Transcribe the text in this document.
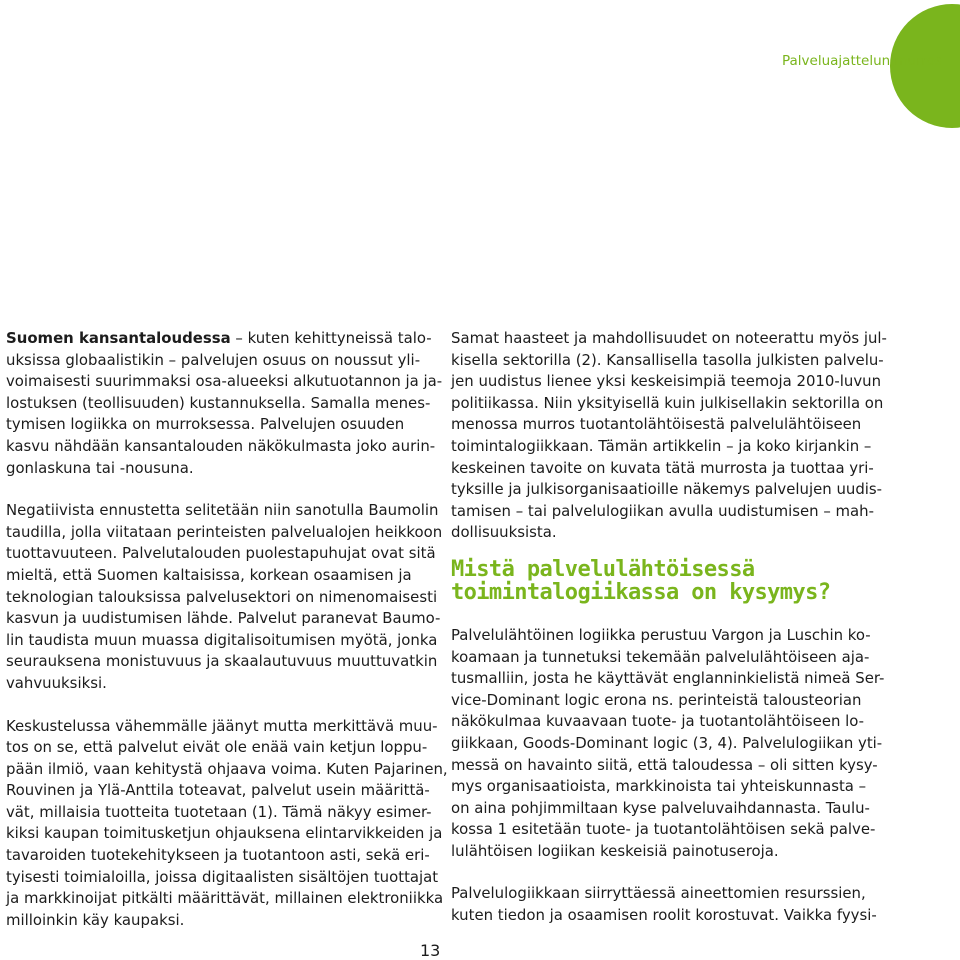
Palveluajattelun murros

Suomen kansantaloudessa – kuten kehittyneissä talo-
uksissa globaalistikin – palvelujen osuus on noussut yli-
voimaisesti suurimmaksi osa-alueeksi alkutuotannon ja ja-
lostuksen (teollisuuden) kustannuksella. Samalla menes-
tymisen logiikka on murroksessa. Palvelujen osuuden
kasvu nähdään kansantalouden näkökulmasta joko aurin-
gonlaskuna tai -nousuna.

Negatiivista ennustetta selitetään niin sanotulla Baumolin
taudilla, jolla viitataan perinteisten palvelualojen heikkoon
tuottavuuteen. Palvelutalouden puolestapuhujat ovat sitä
mieltä, että Suomen kaltaisissa, korkean osaamisen ja
teknologian talouksissa palvelusektori on nimenomaisesti
kasvun ja uudistumisen lähde. Palvelut paranevat Baumo-
lin taudista muun muassa digitalisoitumisen myötä, jonka
seurauksena monistuvuus ja skaalautuvuus muuttuvatkin
vahvuuksiksi.

Keskustelussa vähemmälle jäänyt mutta merkittävä muu-
tos on se, että palvelut eivät ole enää vain ketjun loppu-
pään ilmiö, vaan kehitystä ohjaava voima. Kuten Pajarinen,
Rouvinen ja Ylä-Anttila toteavat, palvelut usein määrittä-
vät, millaisia tuotteita tuotetaan (1). Tämä näkyy esimer-
kiksi kaupan toimitusketjun ohjauksena elintarvikkeiden ja
tavaroiden tuotekehitykseen ja tuotantoon asti, sekä eri-
tyisesti toimialoilla, joissa digitaalisten sisältöjen tuottajat
ja markkinoijat pitkälti määrittävät, millainen elektroniikka
milloinkin käy kaupaksi.

Samat haasteet ja mahdollisuudet on noteerattu myös jul-
kisella sektorilla (2). Kansallisella tasolla julkisten palvelu-
jen uudistus lienee yksi keskeisimpiä teemoja 2010-luvun
politiikassa. Niin yksityisellä kuin julkisellakin sektorilla on
menossa murros tuotantolähtöisestä palvelulähtöiseen
toimintalogiikkaan. Tämän artikkelin – ja koko kirjankin –
keskeinen tavoite on kuvata tätä murrosta ja tuottaa yri-
tyksille ja julkisorganisaatioille näkemys palvelujen uudis-
tamisen – tai palvelulogiikan avulla uudistumisen – mah-
dollisuuksista.

Mistä palvelulähtöisessä
toimintalogiikassa on kysymys?

Palvelulähtöinen logiikka perustuu Vargon ja Luschin ko-
koamaan ja tunnetuksi tekemään palvelulähtöiseen aja-
tusmalliin, josta he käyttävät englanninkielistä nimeä Ser-
vice-Dominant logic erona ns. perinteistä talousteorian
näkökulmaa kuvaavaan tuote- ja tuotantolähtöiseen lo-
giikkaan, Goods-Dominant logic (3, 4). Palvelulogiikan yti-
messä on havainto siitä, että taloudessa – oli sitten kysy-
mys organisaatioista, markkinoista tai yhteiskunnasta –
on aina pohjimmiltaan kyse palveluvaihdannasta. Taulu-
kossa 1 esitetään tuote- ja tuotantolähtöisen sekä palve-
lulähtöisen logiikan keskeisiä painotuseroja.

Palvelulogiikkaan siirryttäessä aineettomien resurssien,
kuten tiedon ja osaamisen roolit korostuvat. Vaikka fyysi-

13
